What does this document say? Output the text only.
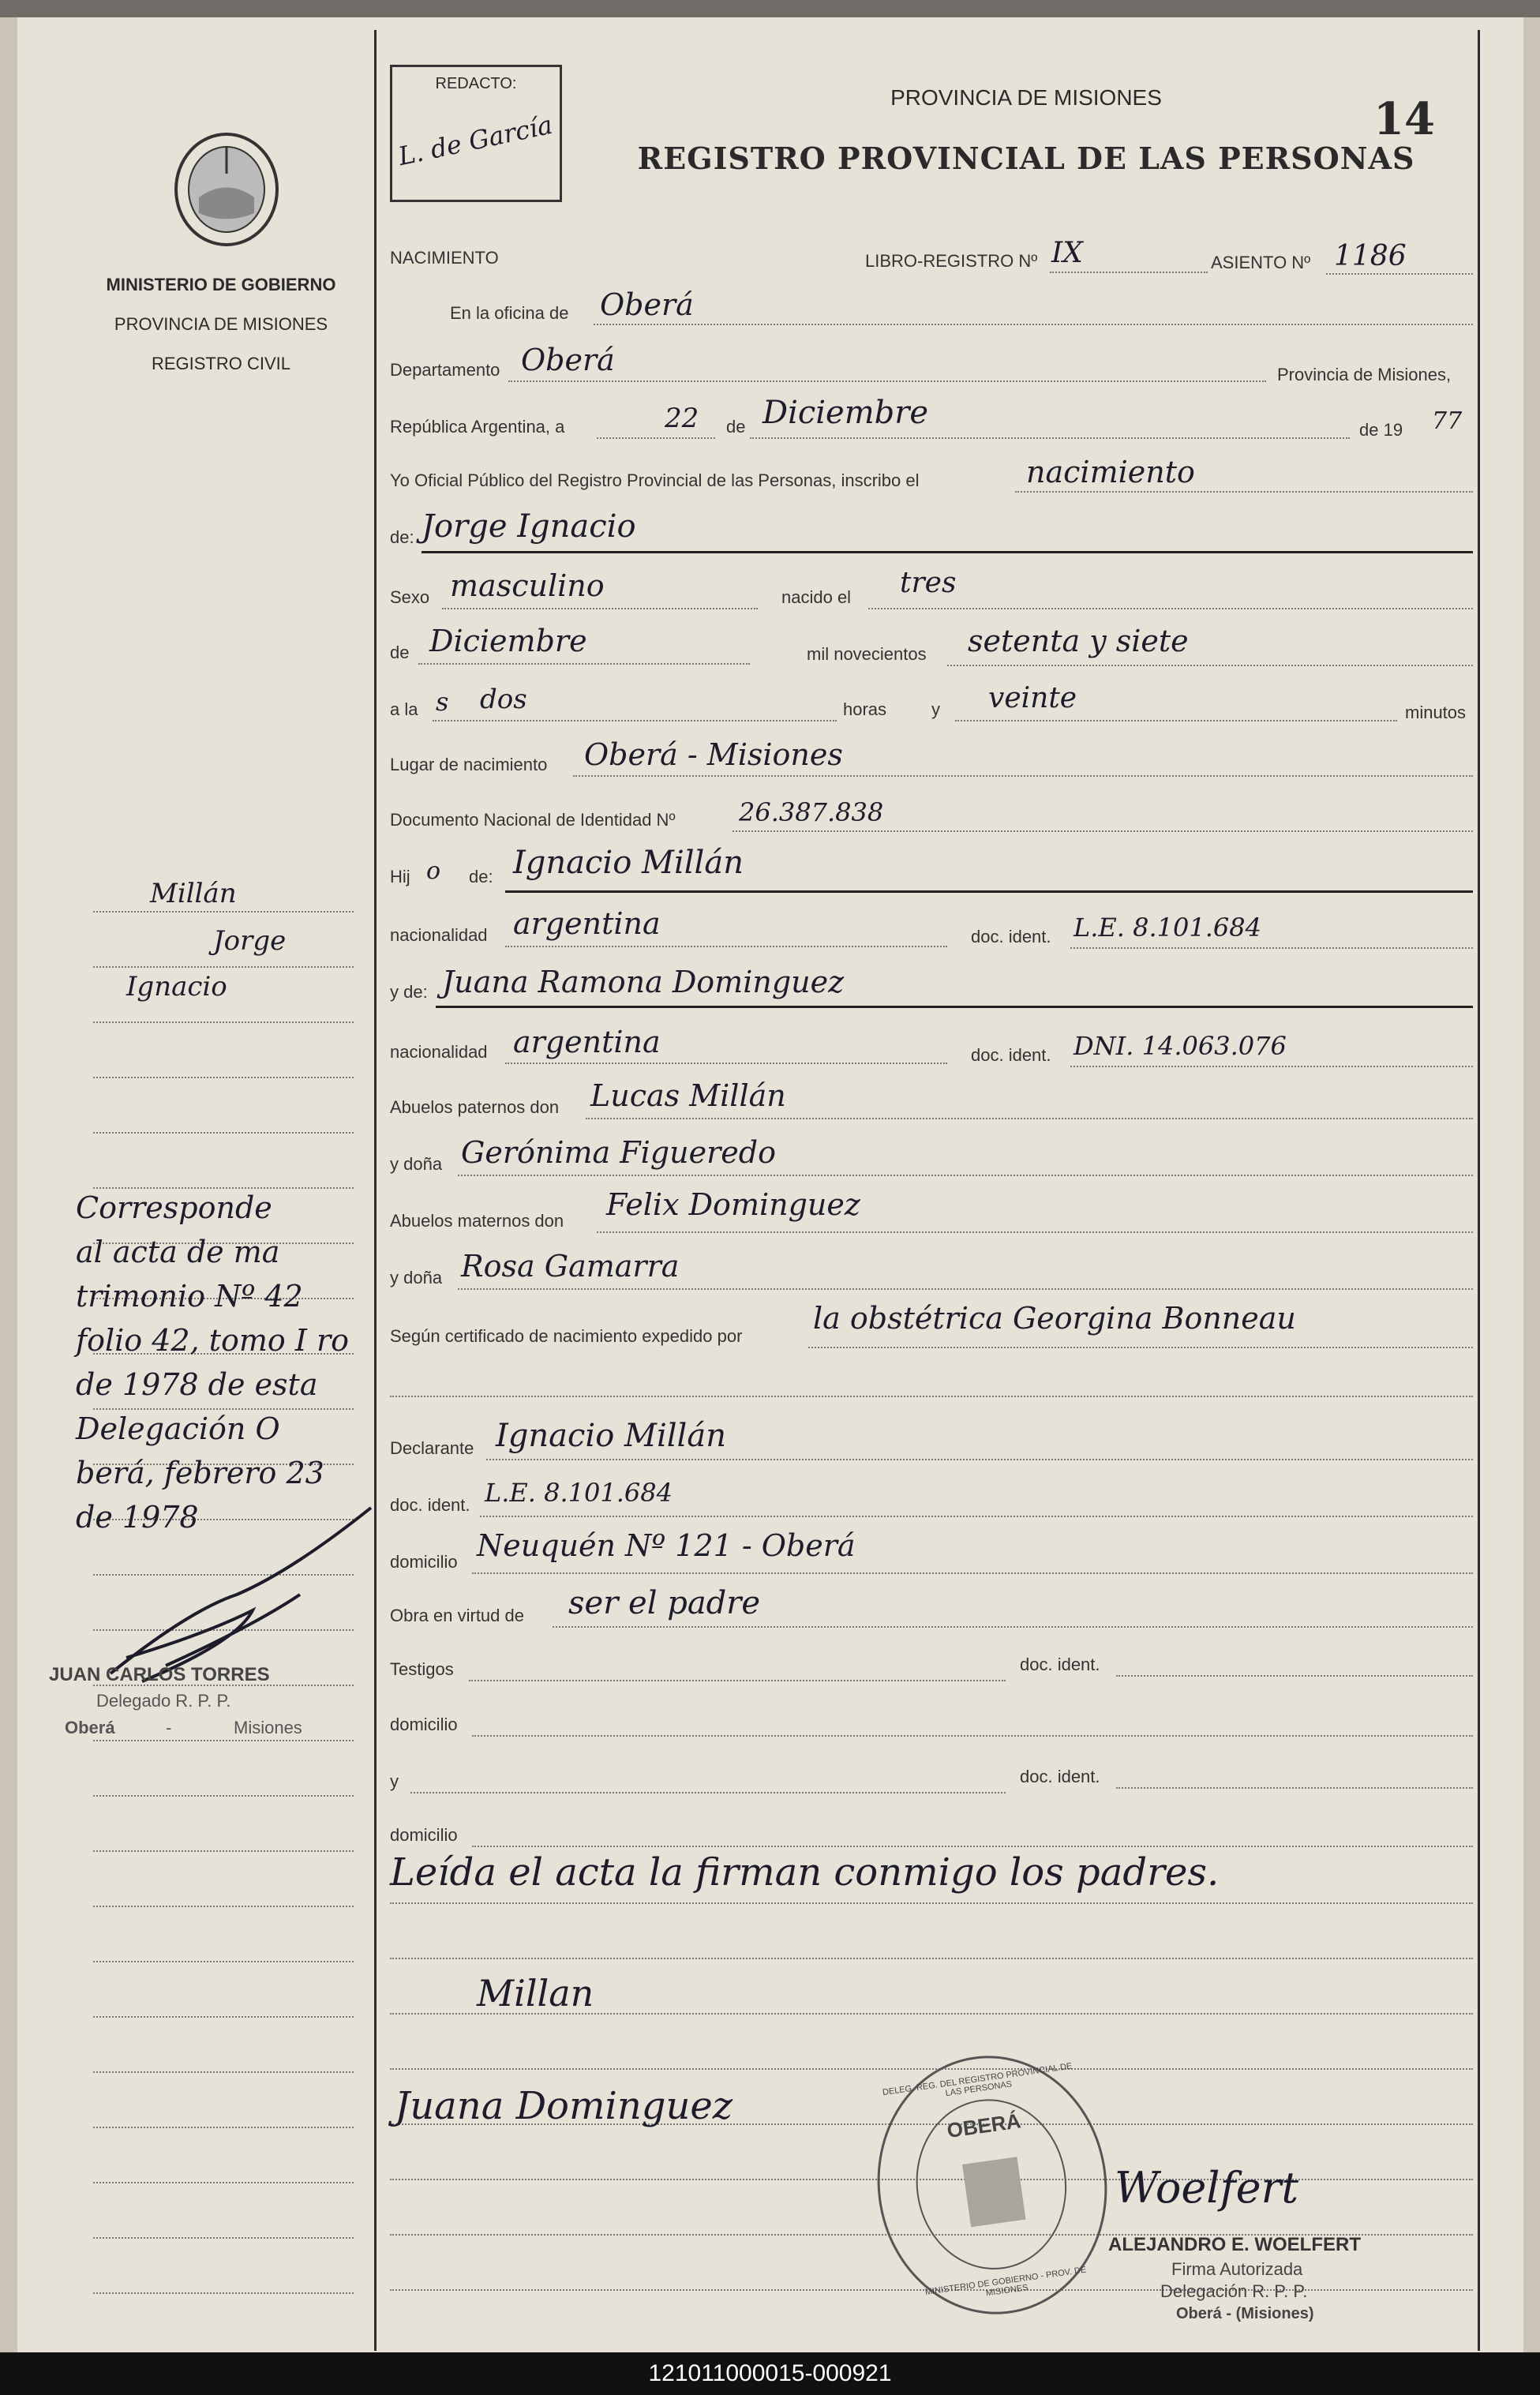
MINISTERIO DE GOBIERNO
PROVINCIA DE MISIONES
REGISTRO CIVIL
Millán
Jorge
Ignacio
Corresponde
al acta de ma
trimonio Nº 42
folio 42, tomo I ro
de 1978 de esta
Delegación O
berá, febrero 23
de 1978
JUAN CARLOS TORRES
Delegado R. P. P.
Oberá	-	Misiones
REDACTO:
L. de García
PROVINCIA DE MISIONES
REGISTRO PROVINCIAL DE LAS PERSONAS
14
NACIMIENTO	LIBRO-REGISTRO Nº IX	ASIENTO Nº 1186
En la oficina de Oberá
Departamento Oberá	Provincia de Misiones,
República Argentina, a	22 de Diciembre	de 19 77
Yo Oficial Público del Registro Provincial de las Personas, inscribo el	nacimiento
de: Jorge Ignacio
Sexo masculino	nacido el tres
de Diciembre	mil novecientos setenta y siete
a la s dos	horas	y veinte	minutos
Lugar de nacimiento Oberá - Misiones
Documento Nacional de Identidad Nº	26.387.838
Hij o de: Ignacio Millán
nacionalidad argentina	doc. ident. L.E. 8.101.684
y de: Juana Ramona Dominguez
nacionalidad argentina	doc. ident. DNI. 14.063.076
Abuelos paternos don Lucas Millán
y doña Gerónima Figueredo
Abuelos maternos don Felix Dominguez
y doña Rosa Gamarra
Según certificado de nacimiento expedido por
la obstétrica Georgina Bonneau
Declarante Ignacio Millán
doc. ident. L.E. 8.101.684
domicilio Neuquén Nº 121 - Oberá
Obra en virtud de ser el padre
Testigos	doc. ident.
domicilio
y	doc. ident.
domicilio
Leída el acta la firman conmigo los padres.
Millan
Juana Dominguez	OBERÁ
DELEG. REG. DEL REGISTRO PROVINCIAL DE LAS PERSONAS
MINISTERIO DE GOBIERNO - PROV. DE MISIONES
Woelfert
ALEJANDRO E. WOELFERT
Firma Autorizada
Delegación R. P. P.
Oberá - (Misiones)
121011000015-000921
